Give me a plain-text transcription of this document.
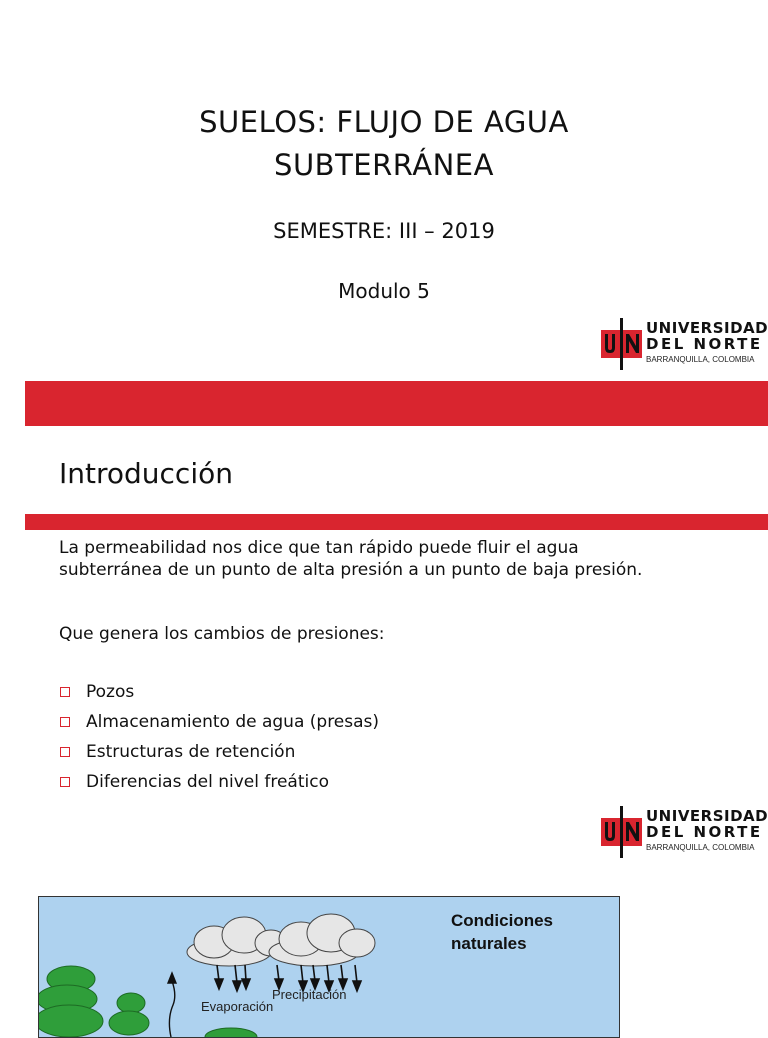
SUELOS: FLUJO DE AGUA
SUBTERRÁNEA
SEMESTRE: III – 2019
Modulo 5
UNIVERSIDAD
DEL NORTE
BARRANQUILLA, COLOMBIA
Introducción
La permeabilidad nos dice que tan rápido puede fluir el agua
subterránea de un punto de alta presión a un punto de baja presión.
Que genera los cambios de presiones:
Pozos
Almacenamiento de agua (presas)
Estructuras de retención
Diferencias del nivel freático
UNIVERSIDAD
DEL NORTE
BARRANQUILLA, COLOMBIA
Condiciones
naturales
Evaporación
Precipitación
